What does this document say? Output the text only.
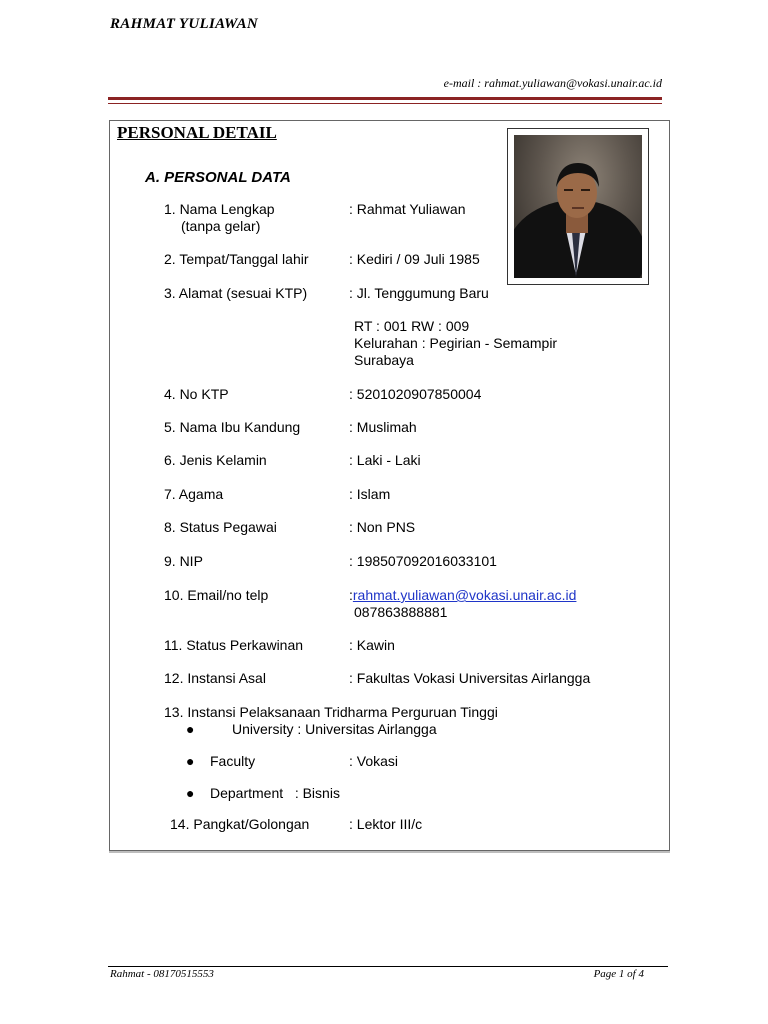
RAHMAT YULIAWAN
e-mail : rahmat.yuliawan@vokasi.unair.ac.id
PERSONAL DETAIL
A. PERSONAL DATA
1. Nama Lengkap	: Rahmat Yuliawan
(tanpa gelar)
2. Tempat/Tanggal lahir	: Kediri / 09 Juli 1985
3. Alamat (sesuai KTP)	: Jl. Tenggumung Baru
RT : 001 RW : 009
Kelurahan : Pegirian - Semampir
Surabaya
4. No KTP	: 5201020907850004
5. Nama Ibu Kandung	: Muslimah
6. Jenis Kelamin	: Laki - Laki
7. Agama	: Islam
8. Status Pegawai	: Non PNS
9. NIP	: 198507092016033101
10. Email/no telp	:rahmat.yuliawan@vokasi.unair.ac.id
087863888881
11. Status Perkawinan	: Kawin
12. Instansi Asal	: Fakultas Vokasi Universitas Airlangga
13. Instansi Pelaksanaan Tridharma Perguruan Tinggi
●	University : Universitas Airlangga
● Faculty	: Vokasi
● Department   : Bisnis
14. Pangkat/Golongan	: Lektor III/c
Rahmat - 08170515553	Page 1 of 4
